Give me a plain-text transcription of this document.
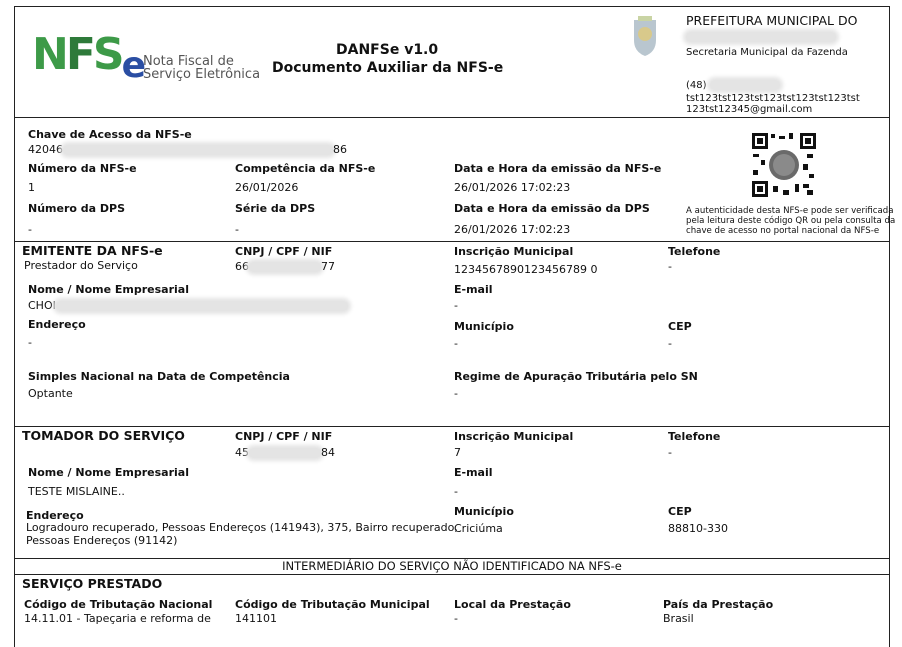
NFSe
Nota Fiscal de
Serviço Eletrônica
DANFSe v1.0
Documento Auxiliar da NFS-e
PREFEITURA MUNICIPAL DO
Secretaria Municipal da Fazenda
(48)
tst123tst123tst123tst123tst123tst
123tst12345@gmail.com
Chave de Acesso da NFS-e
42046	86
Número da NFS-e
1
Competência da NFS-e
26/01/2026
Data e Hora da emissão da NFS-e
26/01/2026 17:02:23
Número da DPS
-
Série da DPS
-
Data e Hora da emissão da DPS
26/01/2026 17:02:23
A autenticidade desta NFS-e pode ser verificada
pela leitura deste código QR ou pela consulta da
chave de acesso no portal nacional da NFS-e
EMITENTE DA NFS-e
Prestador do Serviço
CNPJ / CPF / NIF
66	77
Inscrição Municipal
1234567890123456789 0
Telefone
-
Nome / Nome Empresarial
CHOI
E-mail
-
Endereço
-
Município
-
CEP
-
Simples Nacional na Data de Competência
Optante
Regime de Apuração Tributária pelo SN
-
TOMADOR DO SERVIÇO	CNPJ / CPF / NIF
45	84
Inscrição Municipal
7
Telefone
-
Nome / Nome Empresarial
TESTE MISLAINE..
E-mail
-
Endereço
Logradouro recuperado, Pessoas Endereços (141943), 375, Bairro recuperado,
Pessoas Endereços (91142)
Município
Criciúma
CEP
88810-330
INTERMEDIÁRIO DO SERVIÇO NÃO IDENTIFICADO NA NFS-e
SERVIÇO PRESTADO
Código de Tributação Nacional
14.11.01 - Tapeçaria e reforma de
Código de Tributação Municipal
141101
Local da Prestação
-
País da Prestação
Brasil
